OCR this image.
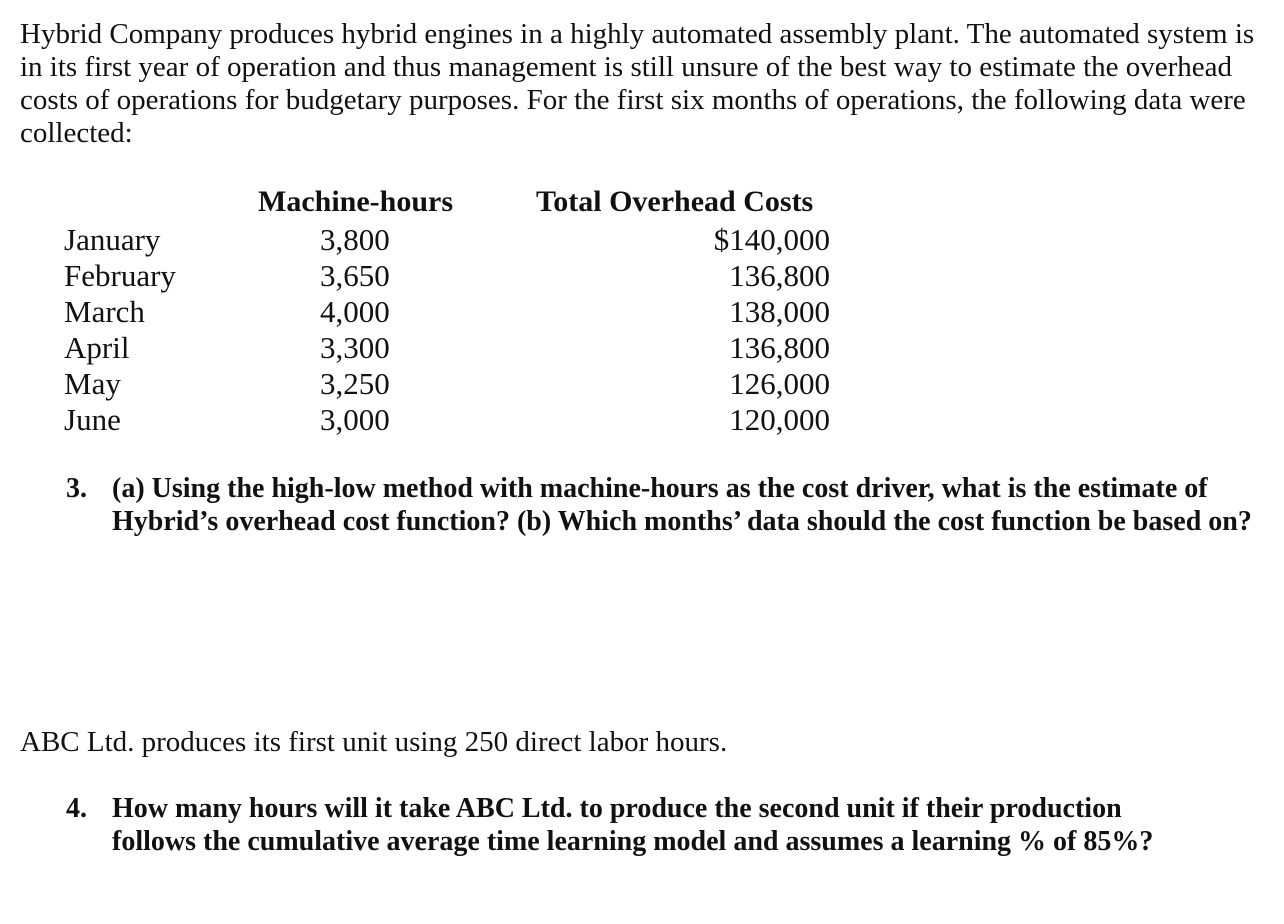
Hybrid Company produces hybrid engines in a highly automated assembly plant. The automated system is in its first year of operation and thus management is still unsure of the best way to estimate the overhead costs of operations for budgetary purposes. For the first six months of operations, the following data were collected:

	Machine-hours	Total Overhead Costs
January	3,800	$140,000
February	3,650	136,800
March	4,000	138,000
April	3,300	136,800
May	3,250	126,000
June	3,000	120,000
3. (a) Using the high-low method with machine-hours as the cost driver, what is the estimate of Hybrid’s overhead cost function? (b) Which months’ data should the cost function be based on?

ABC Ltd. produces its first unit using 250 direct labor hours.

4. How many hours will it take ABC Ltd. to produce the second unit if their production follows the cumulative average time learning model and assumes a learning % of 85%?
